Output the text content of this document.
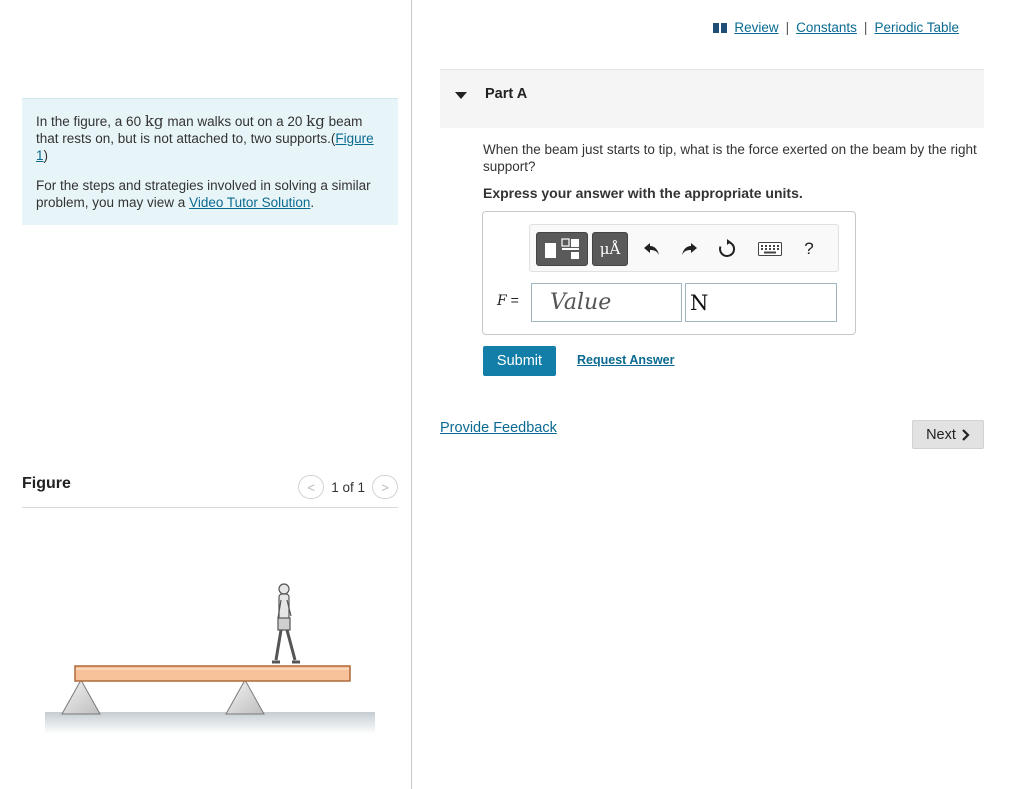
In the figure, a 60 kg man walks out on a 20 kg beam that rests on, but is not attached to, two supports.(Figure 1)

For the steps and strategies involved in solving a similar problem, you may view a Video Tutor Solution.

Figure	< 1 of 1 >
Review | Constants | Periodic Table
Part A
When the beam just starts to tip, what is the force exerted on the beam by the right support?
Express your answer with the appropriate units.
μÅ	?
F =
Value
N
Submit	Request Answer
Provide Feedback	Next
